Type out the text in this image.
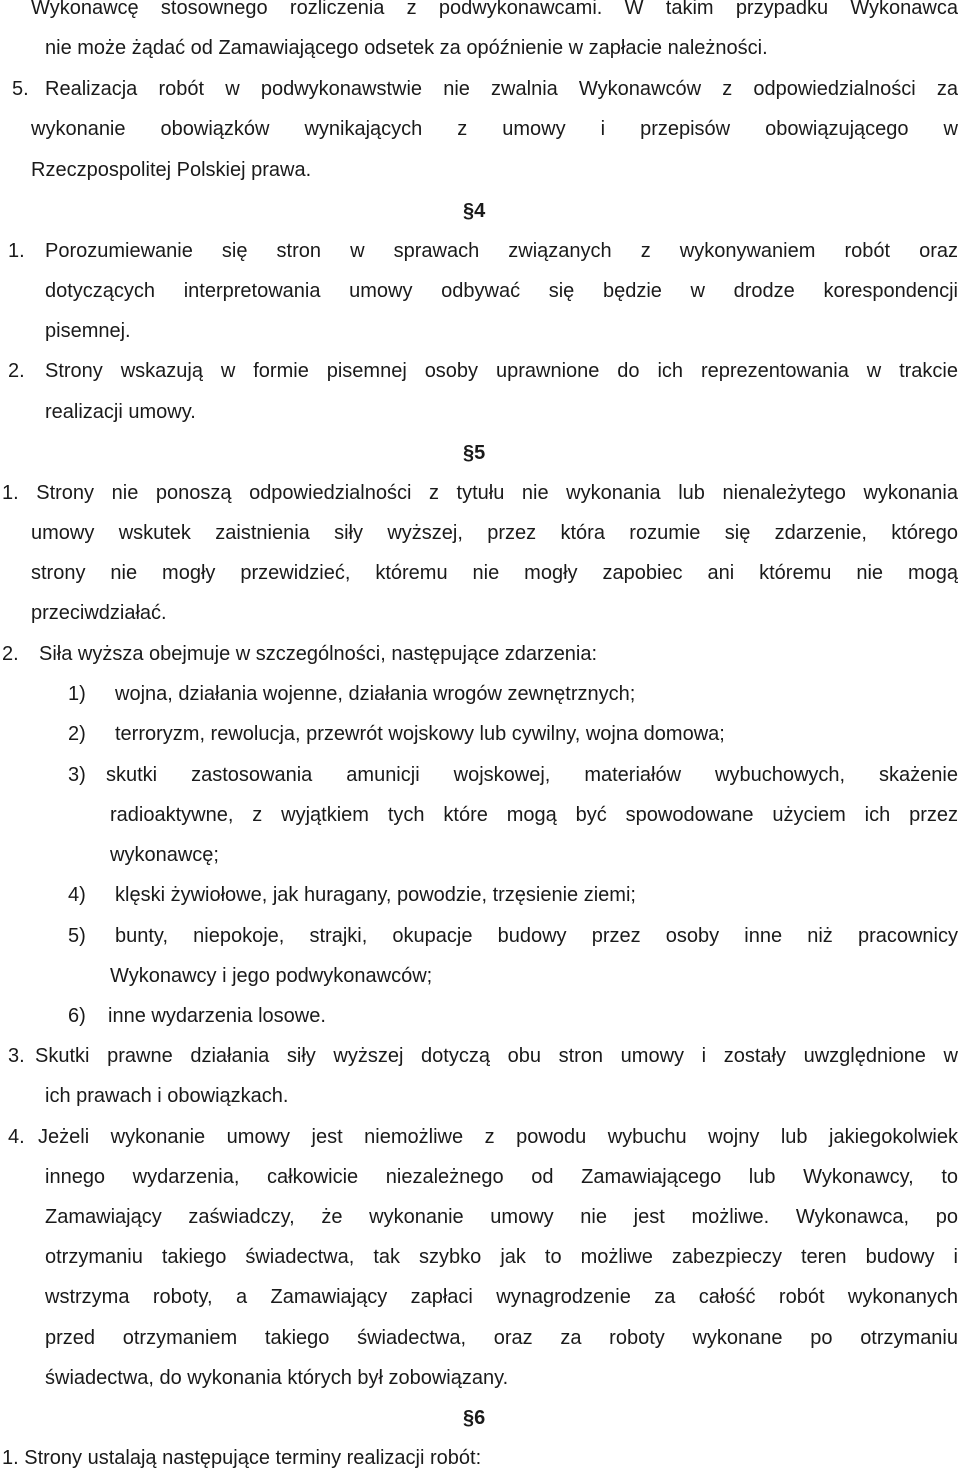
Wykonawcę stosownego rozliczenia z podwykonawcami. W takim przypadku Wykonawca
nie może żądać od Zamawiającego odsetek za opóźnienie w zapłacie należności.
5. Realizacja robót w podwykonawstwie nie zwalnia Wykonawców z odpowiedzialności za
wykonanie obowiązków wynikających z umowy i przepisów obowiązującego w
Rzeczpospolitej Polskiej prawa.
§4
1. Porozumiewanie się stron w sprawach związanych z wykonywaniem robót oraz
dotyczących interpretowania umowy odbywać się będzie w drodze korespondencji
pisemnej.
2. Strony wskazują w formie pisemnej osoby uprawnione do ich reprezentowania w trakcie
realizacji umowy.
§5
1. Strony nie ponoszą odpowiedzialności z tytułu nie wykonania lub nienależytego wykonania
umowy wskutek zaistnienia siły wyższej, przez która rozumie się zdarzenie, którego
strony nie mogły przewidzieć, któremu nie mogły zapobiec ani któremu nie mogą
przeciwdziałać.
2. Siła wyższa obejmuje w szczególności, następujące zdarzenia:
1) wojna, działania wojenne, działania wrogów zewnętrznych;
2) terroryzm, rewolucja, przewrót wojskowy lub cywilny, wojna domowa;
3) skutki zastosowania amunicji wojskowej, materiałów wybuchowych, skażenie
radioaktywne, z wyjątkiem tych które mogą być spowodowane użyciem ich przez
wykonawcę;
4) klęski żywiołowe, jak huragany, powodzie, trzęsienie ziemi;
5) bunty, niepokoje, strajki, okupacje budowy przez osoby inne niż pracownicy
Wykonawcy i jego podwykonawców;
6) inne wydarzenia losowe.
3. Skutki prawne działania siły wyższej dotyczą obu stron umowy i zostały uwzględnione w
ich prawach i obowiązkach.
4. Jeżeli wykonanie umowy jest niemożliwe z powodu wybuchu wojny lub jakiegokolwiek
innego wydarzenia, całkowicie niezależnego od Zamawiającego lub Wykonawcy, to
Zamawiający zaświadczy, że wykonanie umowy nie jest możliwe. Wykonawca, po
otrzymaniu takiego świadectwa, tak szybko jak to możliwe zabezpieczy teren budowy i
wstrzyma roboty, a Zamawiający zapłaci wynagrodzenie za całość robót wykonanych
przed otrzymaniem takiego świadectwa, oraz za roboty wykonane po otrzymaniu
świadectwa, do wykonania których był zobowiązany.
§6
1. Strony ustalają następujące terminy realizacji robót:
